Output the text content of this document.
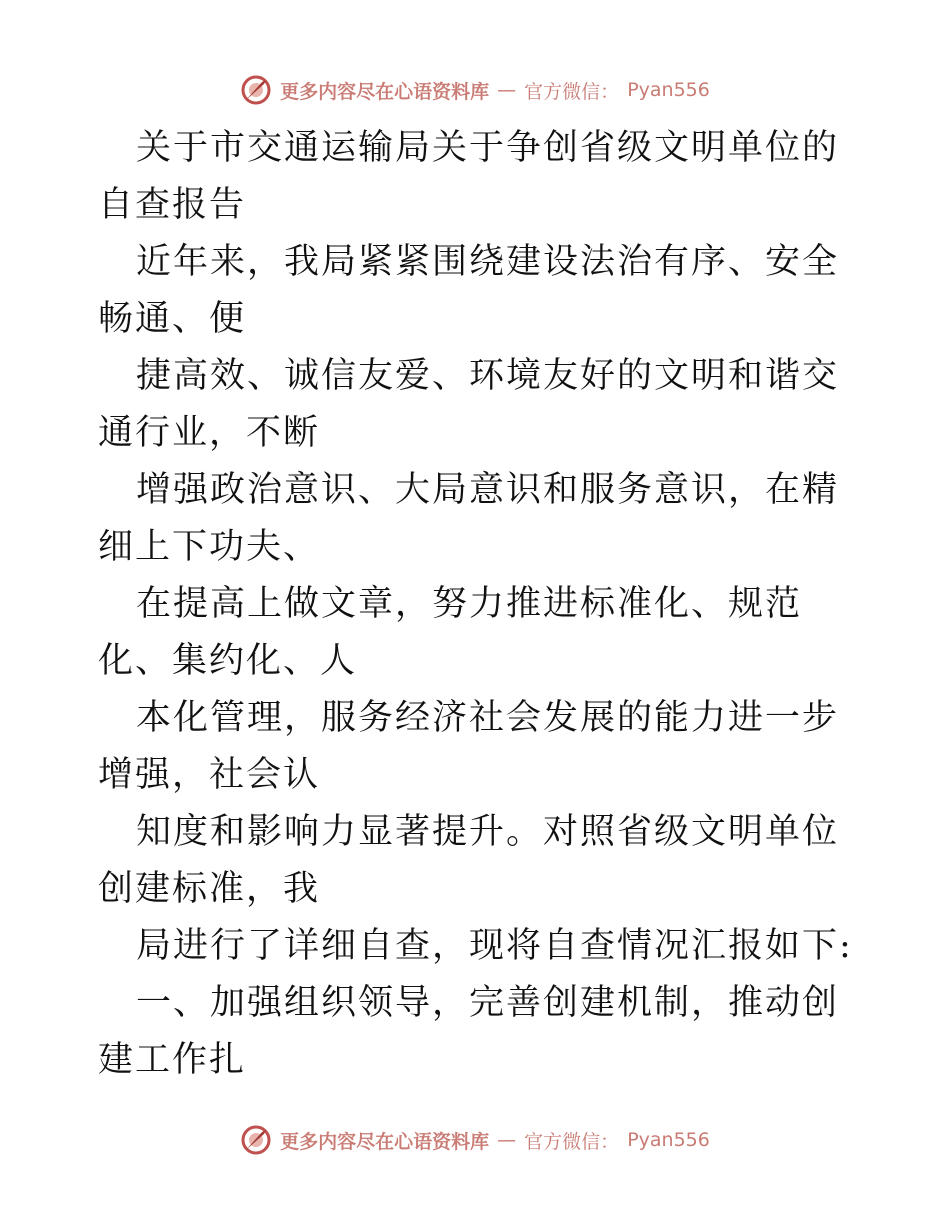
更多内容尽在心语资料库 — 官方微信： Pyan556

关于市交通运输局关于争创省级文明单位的自查报告

近年来，我局紧紧围绕建设法治有序、安全畅通、便

捷高效、诚信友爱、环境友好的文明和谐交通行业，不断

增强政治意识、大局意识和服务意识，在精细上下功夫、

在提高上做文章，努力推进标准化、规范化、集约化、人

本化管理，服务经济社会发展的能力进一步增强，社会认

知度和影响力显著提升。对照省级文明单位创建标准，我

局进行了详细自查，现将自查情况汇报如下:

一、加强组织领导，完善创建机制，推动创建工作扎

更多内容尽在心语资料库 — 官方微信： Pyan556
